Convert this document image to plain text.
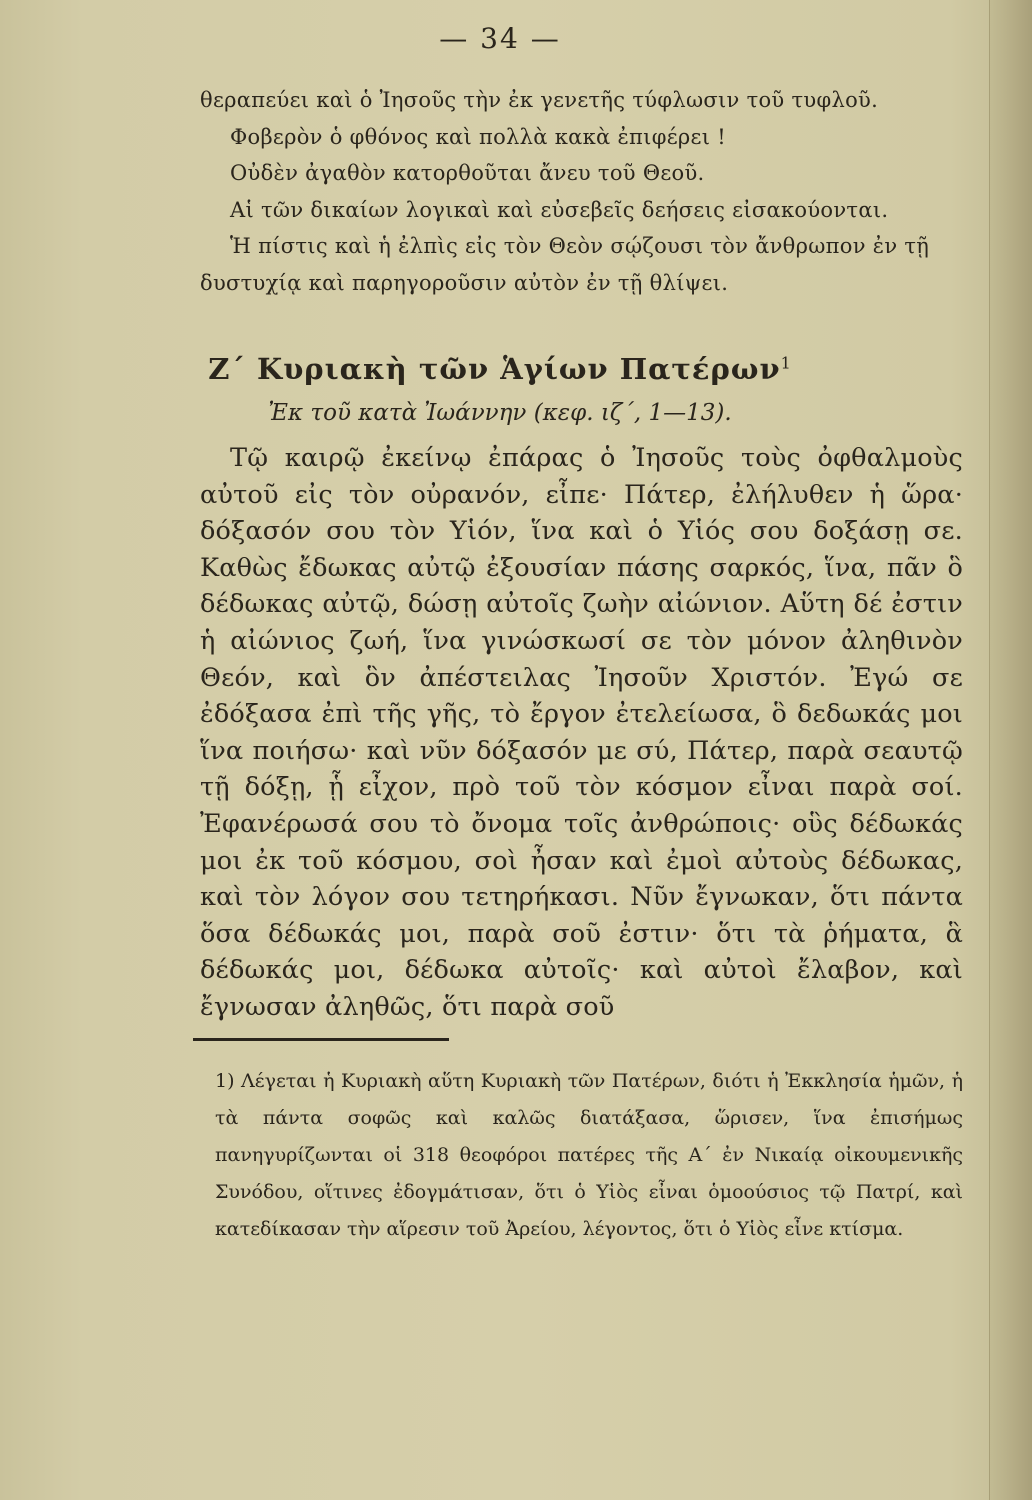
— 34 —

θεραπεύει καὶ ὁ Ἰησοῦς τὴν ἐκ γενετῆς τύφλωσιν τοῦ τυφλοῦ.

Φοβερὸν ὁ φθόνος καὶ πολλὰ κακὰ ἐπιφέρει !

Οὐδὲν ἀγαθὸν κατορθοῦται ἄνευ τοῦ Θεοῦ.

Αἱ τῶν δικαίων λογικαὶ καὶ εὐσεβεῖς δεήσεις εἰσακούονται.

Ἡ πίστις καὶ ἡ ἐλπὶς εἰς τὸν Θεὸν σῴζουσι τὸν ἄνθρωπον ἐν τῇ δυστυχίᾳ καὶ παρηγοροῦσιν αὐτὸν ἐν τῇ θλίψει.

Ζ΄ Κυριακὴ τῶν Ἁγίων Πατέρων$^1$
Ἐκ τοῦ κατὰ Ἰωάννην (κεφ. ιζ΄, 1—13).

Τῷ καιρῷ ἐκείνῳ ἐπάρας ὁ Ἰησοῦς τοὺς ὀφθαλμοὺς αὐτοῦ εἰς τὸν οὐρανόν, εἶπε· Πάτερ, ἐλήλυθεν ἡ ὥρα· δόξασόν σου τὸν Υἱόν, ἵνα καὶ ὁ Υἱός σου δοξάσῃ σε. Καθὼς ἔδωκας αὐτῷ ἐξουσίαν πάσης σαρκός, ἵνα, πᾶν ὃ δέδωκας αὐτῷ, δώσῃ αὐτοῖς ζωὴν αἰώνιον. Αὕτη δέ ἐστιν ἡ αἰώνιος ζωή, ἵνα γινώσκωσί σε τὸν μόνον ἀληθινὸν Θεόν, καὶ ὃν ἀπέστειλας Ἰησοῦν Χριστόν. Ἐγώ σε ἐδόξασα ἐπὶ τῆς γῆς, τὸ ἔργον ἐτελείωσα, ὃ δεδωκάς μοι ἵνα ποιήσω· καὶ νῦν δόξασόν με σύ, Πάτερ, παρὰ σεαυτῷ τῇ δόξῃ, ᾗ εἶχον, πρὸ τοῦ τὸν κόσμον εἶναι παρὰ σοί. Ἐφανέρωσά σου τὸ ὄνομα τοῖς ἀνθρώποις· οὓς δέδωκάς μοι ἐκ τοῦ κόσμου, σοὶ ἦσαν καὶ ἐμοὶ αὐτοὺς δέδωκας, καὶ τὸν λόγον σου τετηρήκασι. Νῦν ἔγνωκαν, ὅτι πάντα ὅσα δέδωκάς μοι, παρὰ σοῦ ἐστιν· ὅτι τὰ ῥήματα, ἃ δέδωκάς μοι, δέδωκα αὐτοῖς· καὶ αὐτοὶ ἔλαβον, καὶ ἔγνωσαν ἀληθῶς, ὅτι παρὰ σοῦ

1) Λέγεται ἡ Κυριακὴ αὕτη Κυριακὴ τῶν Πατέρων, διότι ἡ Ἐκκλησία ἡμῶν, ἡ τὰ πάντα σοφῶς καὶ καλῶς διατάξασα, ὥρισεν, ἵνα ἐπισήμως πανηγυρίζωνται οἱ 318 θεοφόροι πατέρες τῆς Α΄ ἐν Νικαίᾳ οἰκουμενικῆς Συνόδου, οἵτινες ἐδογμάτισαν, ὅτι ὁ Υἱὸς εἶναι ὁμοούσιος τῷ Πατρί, καὶ κατεδίκασαν τὴν αἵρεσιν τοῦ Ἀρείου, λέγοντος, ὅτι ὁ Υἱὸς εἶνε κτίσμα.
